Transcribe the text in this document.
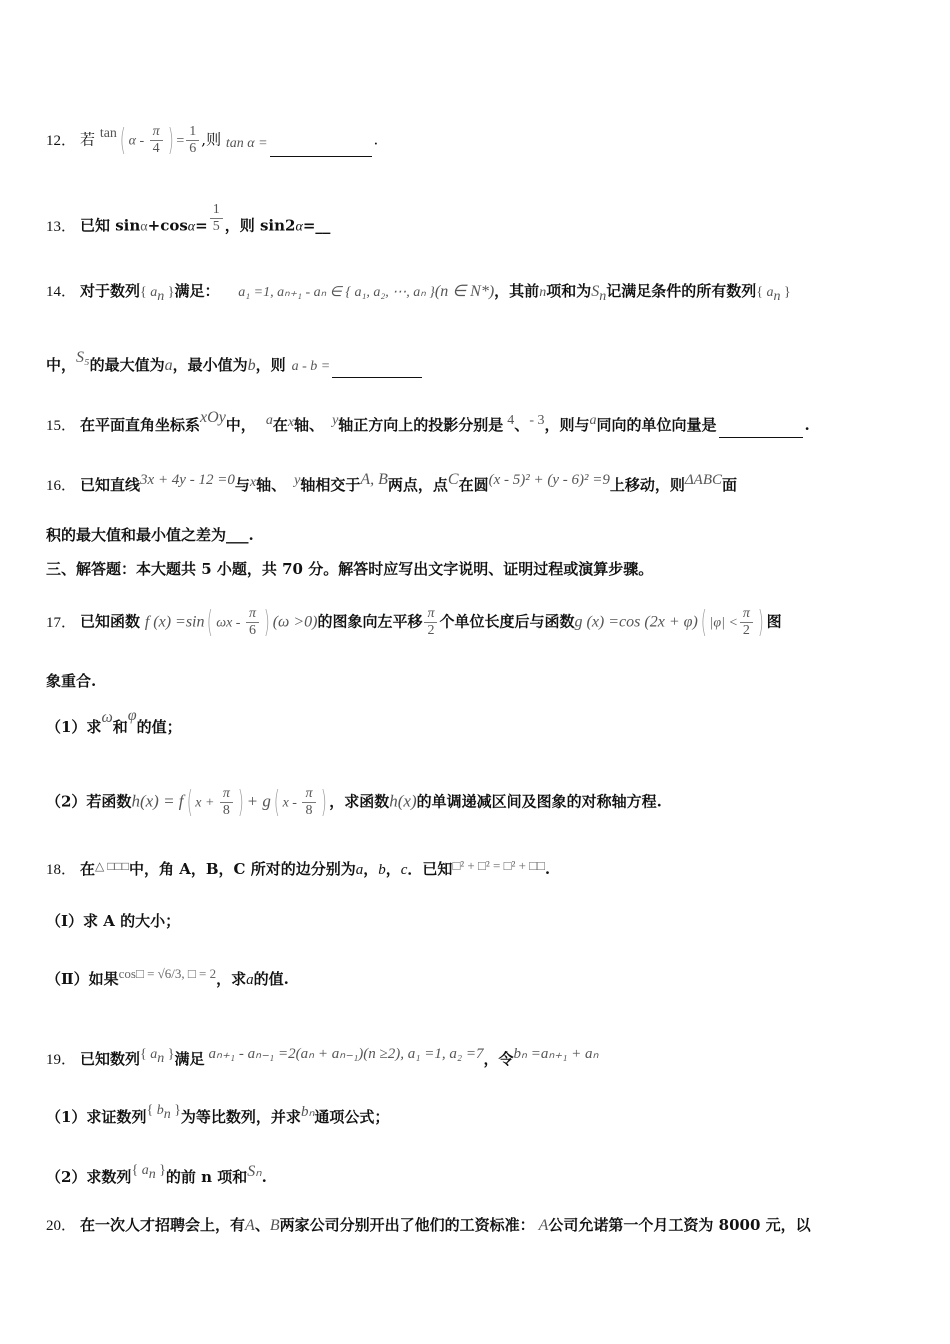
12． 若 tan( α - $\frac{\pi}{4}$ ) = $\frac{1}{6}$ ,则 tan α =	.
13． 已知 $\sin\alpha+\cos\alpha= \frac{1}{5}$ ，则 sin2α=__
14． 对于数列{ $a_n$ }满足： a₁ =1, aₙ₊₁ - aₙ ∈ { a₁, a₂, ⋯, aₙ }(n ∈ N*)，其前n项和为$S_n$记满足条件的所有数列{ $a_n$ }
中，S₅的最大值为a，最小值为b，则 a - b =
15． 在平面直角坐标系xOy中， a在x轴、 y轴正方向上的投影分别是 4、- 3，则与a同向的单位向量是	.
16． 已知直线3x + 4y - 12 =0与x轴、 y轴相交于A, B两点，点C在圆(x - 5)² + (y - 6)² =9上移动，则ΔABC面
积的最大值和最小值之差为___.
三、解答题：本大题共 5 小题，共 70 分。解答时应写出文字说明、证明过程或演算步骤。
17． 已知函数 f (x) =sin( ωx - $\frac{\pi}{6}$ ) (ω >0)的图象向左平移 $\frac{\pi}{2}$ 个单位长度后与函数g (x) =cos (2x + φ)( $|\varphi| < \frac{\pi}{2}$ ) 图
象重合.
（1）求ω和φ的值；
（2）若函数h(x) = f( $x + \frac{\pi}{8}$ ) + g( x - $\frac{\pi}{8}$ ) ，求函数h(x)的单调递减区间及图象的对称轴方程.
18． 在△ □□□中，角 A，B，C 所对的边分别为a，b，c．已知□² + □² = □² + □□.
（Ⅰ）求 A 的大小；
（Ⅱ）如果cos□ = √6/3, □ = 2，求a的值.
19． 已知数列{ $a_n$ }满足 aₙ₊₁ - aₙ₋₁ =2(aₙ + aₙ₋₁)(n ≥2), a₁ =1, a₂ =7，令bₙ =aₙ₊₁ + aₙ
（1）求证数列{ $b_n$ }为等比数列，并求bₙ通项公式；
（2）求数列{ $a_n$ }的前 n 项和Sₙ.
20． 在一次人才招聘会上，有A、B两家公司分别开出了他们的工资标准： A公司允诺第一个月工资为 8000 元，以
